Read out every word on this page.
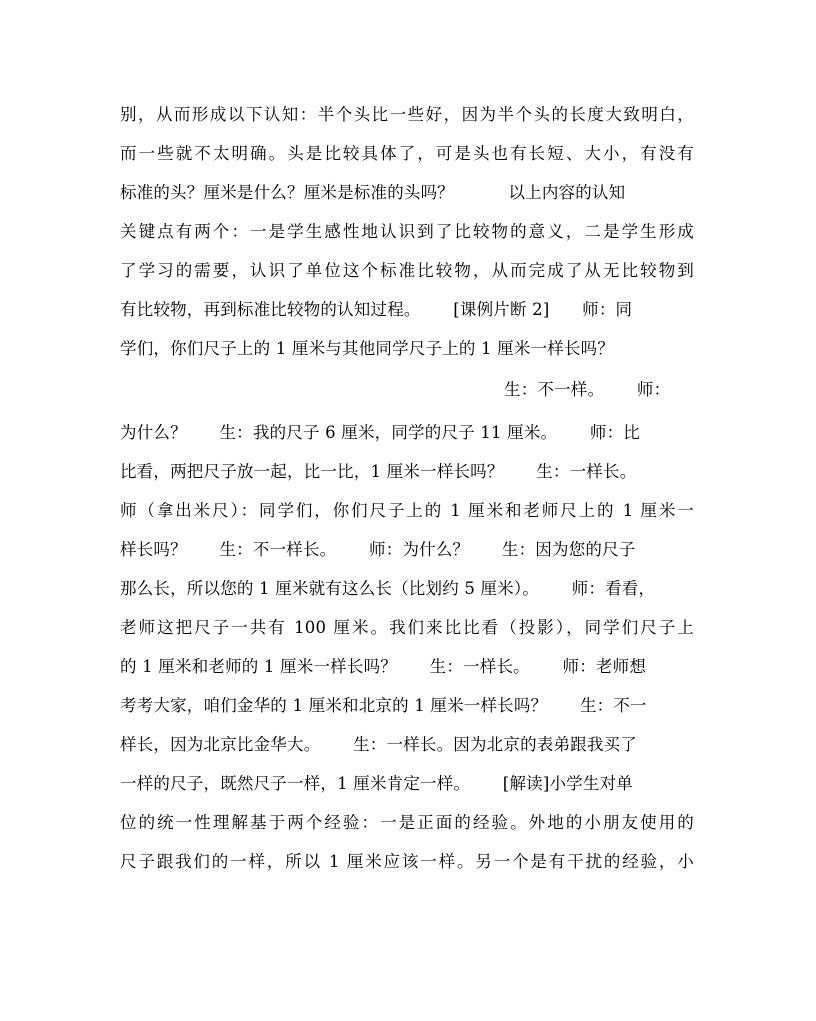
别，从而形成以下认知：半个头比一些好，因为半个头的长度大致明白，
而一些就不太明确。头是比较具体了，可是头也有长短、大小，有没有
标准的头？厘米是什么？厘米是标准的头吗？          以上内容的认知
关键点有两个：一是学生感性地认识到了比较物的意义，二是学生形成
了学习的需要，认识了单位这个标准比较物，从而完成了从无比较物到
有比较物，再到标准比较物的认知过程。      [课例片断 2]      师：同
学们，你们尺子上的 1 厘米与其他同学尺子上的 1 厘米一样长吗？
生：不一样。      师：
为什么？      生：我的尺子 6 厘米，同学的尺子 11 厘米。      师：比
比看，两把尺子放一起，比一比，1 厘米一样长吗？      生：一样长。
师（拿出米尺）：同学们，你们尺子上的 1 厘米和老师尺上的 1 厘米一
样长吗？      生：不一样长。      师：为什么？      生：因为您的尺子
那么长，所以您的 1 厘米就有这么长（比划约 5 厘米）。      师：看看，
老师这把尺子一共有 100 厘米。我们来比比看（投影），同学们尺子上
的 1 厘米和老师的 1 厘米一样长吗？      生：一样长。      师：老师想
考考大家，咱们金华的 1 厘米和北京的 1 厘米一样长吗？      生：不一
样长，因为北京比金华大。      生：一样长。因为北京的表弟跟我买了
一样的尺子，既然尺子一样，1 厘米肯定一样。      [解读]小学生对单
位的统一性理解基于两个经验：一是正面的经验。外地的小朋友使用的
尺子跟我们的一样，所以 1 厘米应该一样。另一个是有干扰的经验，小
